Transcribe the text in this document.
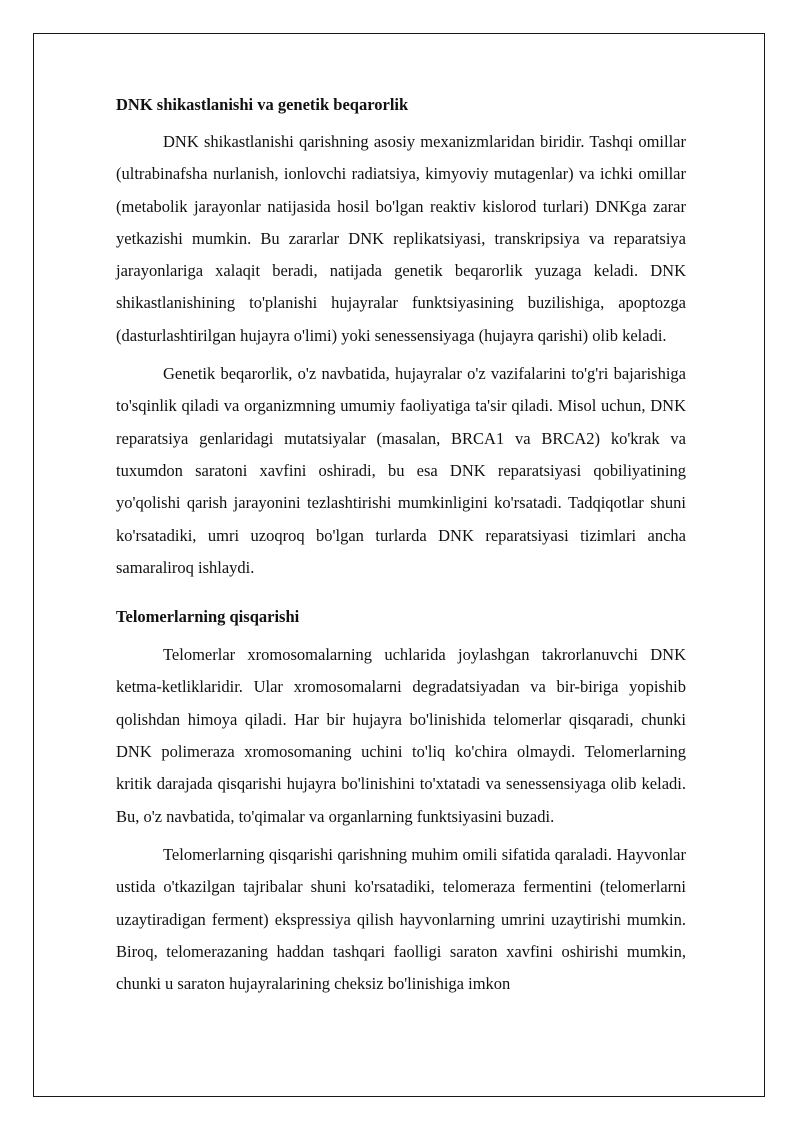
DNK shikastlanishi va genetik beqarorlik

DNK shikastlanishi qarishning asosiy mexanizmlaridan biridir. Tashqi omillar (ultrabinafsha nurlanish, ionlovchi radiatsiya, kimyoviy mutagenlar) va ichki omillar (metabolik jarayonlar natijasida hosil bo'lgan reaktiv kislorod turlari) DNKga zarar yetkazishi mumkin. Bu zararlar DNK replikatsiyasi, transkripsiya va reparatsiya jarayonlariga xalaqit beradi, natijada genetik beqarorlik yuzaga keladi. DNK shikastlanishining to'planishi hujayralar funktsiyasining buzilishiga, apoptozga (dasturlashtirilgan hujayra o'limi) yoki senessensiyaga (hujayra qarishi) olib keladi.

Genetik beqarorlik, o'z navbatida, hujayralar o'z vazifalarini to'g'ri bajarishiga to'sqinlik qiladi va organizmning umumiy faoliyatiga ta'sir qiladi. Misol uchun, DNK reparatsiya genlaridagi mutatsiyalar (masalan, BRCA1 va BRCA2) ko'krak va tuxumdon saratoni xavfini oshiradi, bu esa DNK reparatsiyasi qobiliyatining yo'qolishi qarish jarayonini tezlashtirishi mumkinligini ko'rsatadi. Tadqiqotlar shuni ko'rsatadiki, umri uzoqroq bo'lgan turlarda DNK reparatsiyasi tizimlari ancha samaraliroq ishlaydi.

Telomerlarning qisqarishi

Telomerlar xromosomalarning uchlarida joylashgan takrorlanuvchi DNK ketma-ketliklaridir. Ular xromosomalarni degradatsiyadan va bir-biriga yopishib qolishdan himoya qiladi. Har bir hujayra bo'linishida telomerlar qisqaradi, chunki DNK polimeraza xromosomaning uchini to'liq ko'chira olmaydi. Telomerlarning kritik darajada qisqarishi hujayra bo'linishini to'xtatadi va senessensiyaga olib keladi. Bu, o'z navbatida, to'qimalar va organlarning funktsiyasini buzadi.

Telomerlarning qisqarishi qarishning muhim omili sifatida qaraladi. Hayvonlar ustida o'tkazilgan tajribalar shuni ko'rsatadiki, telomeraza fermentini (telomerlarni uzaytiradigan ferment) ekspressiya qilish hayvonlarning umrini uzaytirishi mumkin. Biroq, telomerazaning haddan tashqari faolligi saraton xavfini oshirishi mumkin, chunki u saraton hujayralarining cheksiz bo'linishiga imkon
